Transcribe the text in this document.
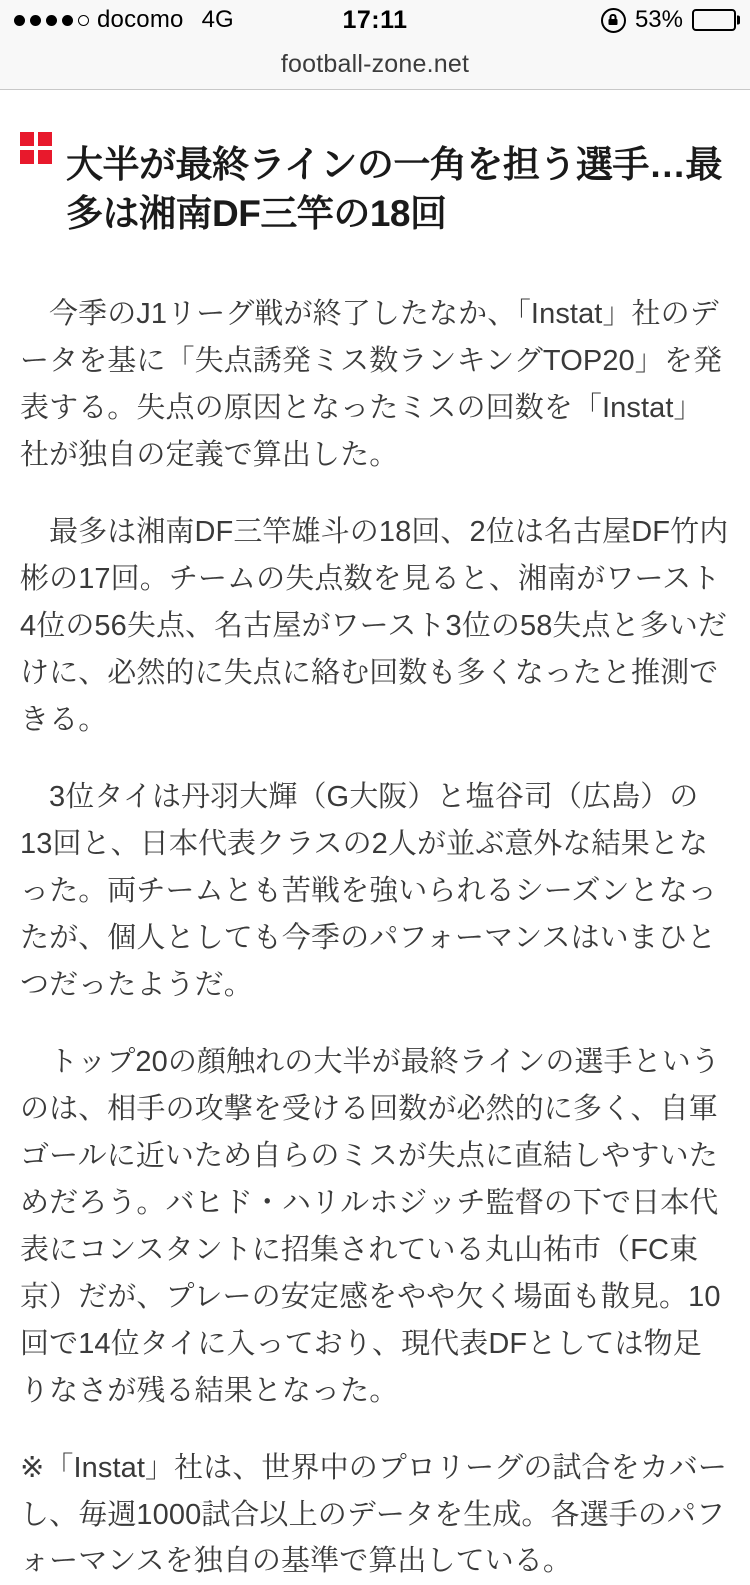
docomo 4G	17:11	53%
football-zone.net
大半が最終ラインの一角を担う選手…最多は湘南DF三竿の18回

今季のJ1リーグ戦が終了したなか、「Instat」社のデータを基に「失点誘発ミス数ランキングTOP20」を発表する。失点の原因となったミスの回数を「Instat」社が独自の定義で算出した。

最多は湘南DF三竿雄斗の18回、2位は名古屋DF竹内彬の17回。チームの失点数を見ると、湘南がワースト4位の56失点、名古屋がワースト3位の58失点と多いだけに、必然的に失点に絡む回数も多くなったと推測できる。

3位タイは丹羽大輝（G大阪）と塩谷司（広島）の13回と、日本代表クラスの2人が並ぶ意外な結果となった。両チームとも苦戦を強いられるシーズンとなったが、個人としても今季のパフォーマンスはいまひとつだったようだ。

トップ20の顔触れの大半が最終ラインの選手というのは、相手の攻撃を受ける回数が必然的に多く、自軍ゴールに近いため自らのミスが失点に直結しやすいためだろう。バヒド・ハリルホジッチ監督の下で日本代表にコンスタントに招集されている丸山祐市（FC東京）だが、プレーの安定感をやや欠く場面も散見。10回で14位タイに入っており、現代表DFとしては物足りなさが残る結果となった。

※「Instat」社は、世界中のプロリーグの試合をカバーし、毎週1000試合以上のデータを生成。各選手のパフォーマンスを独自の基準で算出している。
